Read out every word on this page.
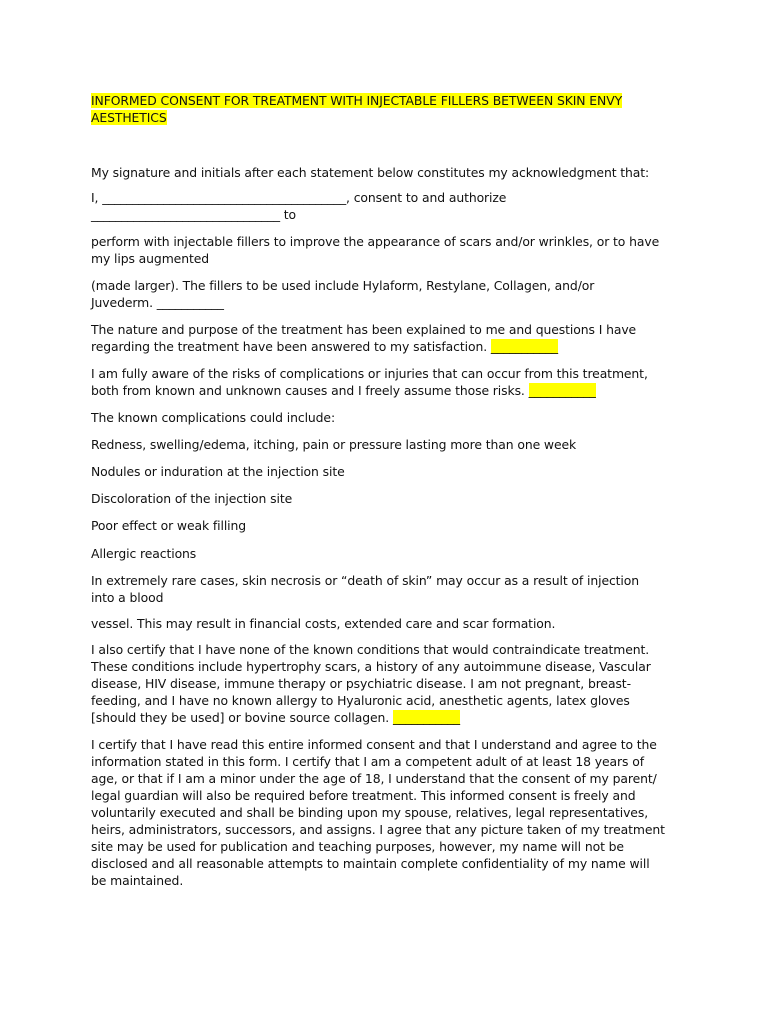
INFORMED CONSENT FOR TREATMENT WITH INJECTABLE FILLERS BETWEEN SKIN ENVY
AESTHETICS
My signature and initials after each statement below constitutes my acknowledgment that:
I, ________________________________________, consent to and authorize
_______________________________ to
perform with injectable fillers to improve the appearance of scars and/or wrinkles, or to have
my lips augmented
(made larger). The fillers to be used include Hylaform, Restylane, Collagen, and/or
Juvederm. ___________
The nature and purpose of the treatment has been explained to me and questions I have
regarding the treatment have been answered to my satisfaction. ___________
I am fully aware of the risks of complications or injuries that can occur from this treatment,
both from known and unknown causes and I freely assume those risks. ___________
The known complications could include:
Redness, swelling/edema, itching, pain or pressure lasting more than one week
Nodules or induration at the injection site
Discoloration of the injection site
Poor effect or weak filling
Allergic reactions
In extremely rare cases, skin necrosis or “death of skin” may occur as a result of injection
into a blood
vessel. This may result in financial costs, extended care and scar formation.
I also certify that I have none of the known conditions that would contraindicate treatment.
These conditions include hypertrophy scars, a history of any autoimmune disease, Vascular
disease, HIV disease, immune therapy or psychiatric disease. I am not pregnant, breast-
feeding, and I have no known allergy to Hyaluronic acid, anesthetic agents, latex gloves
[should they be used] or bovine source collagen. ___________
I certify that I have read this entire informed consent and that I understand and agree to the
information stated in this form. I certify that I am a competent adult of at least 18 years of
age, or that if I am a minor under the age of 18, I understand that the consent of my parent/
legal guardian will also be required before treatment. This informed consent is freely and
voluntarily executed and shall be binding upon my spouse, relatives, legal representatives,
heirs, administrators, successors, and assigns. I agree that any picture taken of my treatment
site may be used for publication and teaching purposes, however, my name will not be
disclosed and all reasonable attempts to maintain complete confidentiality of my name will
be maintained.
